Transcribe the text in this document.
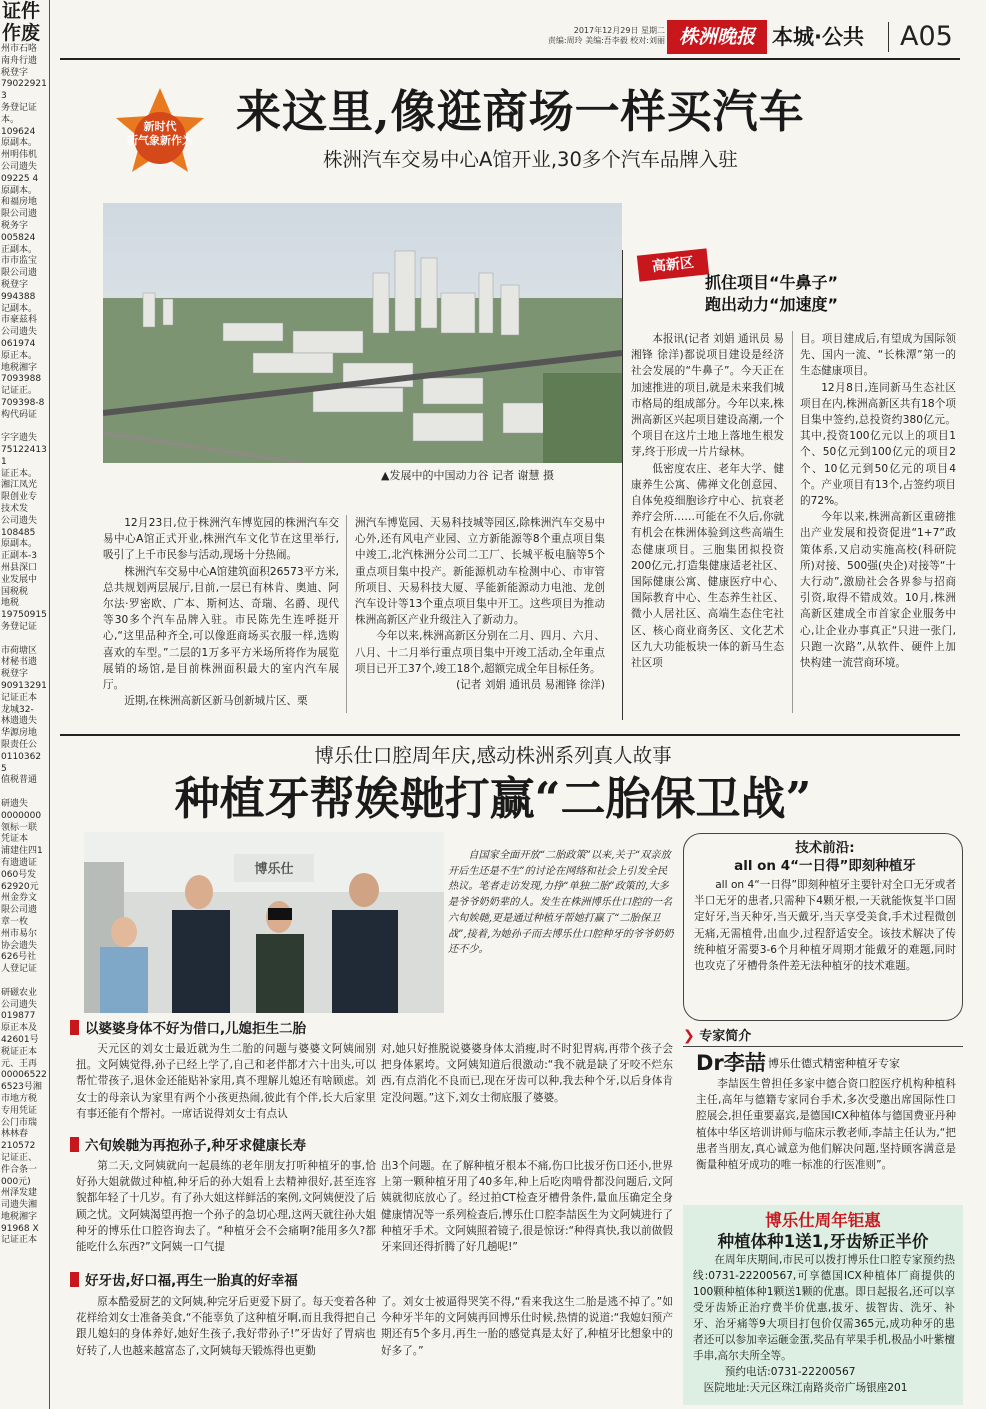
证件
作废
州市石咯
南舟行遗
税登字
790229213
务登记证
本。
109624
原副本。
州明伟机
公司遗失
09225 4
原副本。
和福房地
限公司遗
税务字
005824
正副本。
市市监宝
限公司遗
税登字
994388
记副本。
市豪兹科
公司遗失
061974
原正本。
地税湘字
7093988
记证正。
709398-8
构代码证

字字遗失
75122413 1
证正本。
湘江凤光
限创业专
技术发
公司遗失
108485
原副本。
正副本-3
州县深口
业发展中
国税税
地税
19750915
务登记证

市荷塘区
材秘书遗
税登字
90913291
记证正本
龙城32-
林遗遗失
华源房地
限责任公
0110362 5
值税普通

研遗失
0000000
领标一联
凭证本
浦建住四1
有遗遗证
060号发
62920元
州金券文
限公司遗
章一枚
州市易尔
协会遗失
626号社
人登记证

研磁农业
公司遗失
019877
原正本及
42601号
税证正本
元、王再
00006522
6523号湘
市地方税
专用凭证
公门市瑞
林林春
210572
记证正、
件合条一
000元)
州泽发建
司遗失湘
地税湘字
91968 X
记证正本
2017年12月29日 星期二
责编:周玲 美编:吾李毅 校对:刘丽 株洲晚报 本城·公共 A05
新时代
新气象新作为
来这里,像逛商场一样买汽车
株洲汽车交易中心A馆开业,30多个汽车品牌入驻
▲发展中的中国动力谷 记者 谢慧 摄

12月23日,位于株洲汽车博览园的株洲汽车交易中心A馆正式开业,株洲汽车文化节在这里举行,吸引了上千市民参与活动,现场十分热闹。

株洲汽车交易中心A馆建筑面积26573平方米,总共规划两层展厅,目前,一层已有林肯、奥迪、阿尔法·罗密欧、广本、斯柯达、奇瑞、名爵、现代等30多个汽车品牌入驻。市民陈先生连呼挺开心,“这里品种齐全,可以像逛商场买衣服一样,选购喜欢的车型。”二层的1万多平方米场所将作为展览展销的场馆,是目前株洲面积最大的室内汽车展厅。

近期,在株洲高新区新马创新城片区、栗

洲汽车博览园、天易科技城等园区,除株洲汽车交易中心外,还有风电产业园、立方新能源等8个重点项目集中竣工,北汽株洲分公司二工厂、长城平板电脑等5个重点项目集中投产。新能源机动车检测中心、市审管所项目、天易科技大厦、孚能新能源动力电池、龙创汽车设计等13个重点项目集中开工。这些项目为推动株洲高新区产业升级注入了新动力。

今年以来,株洲高新区分别在二月、四月、六月、八月、十二月举行重点项目集中开竣工活动,全年重点项目已开工37个,竣工18个,超额完成全年目标任务。

(记者 刘娟 通讯员 易湘锋 徐洋)
高新区
抓住项目“牛鼻子”
跑出动力“加速度”

本报讯(记者 刘娟 通讯员 易湘锋 徐洋)都说项目建设是经济社会发展的“牛鼻子”。今天正在加速推进的项目,就是未来我们城市格局的组成部分。今年以来,株洲高新区兴起项目建设高潮,一个个项目在这片土地上落地生根发芽,终于形成一片片绿林。

低密度农庄、老年大学、健康养生公寓、佛禅文化创意园、自体免疫细胞诊疗中心、抗衰老养疗会所……可能在不久后,你就有机会在株洲体验到这些高端生态健康项目。三胞集团拟投资200亿元,打造集健康适老社区、国际健康公寓、健康医疗中心、国际教育中心、生态养生社区、微小人居社区、高端生态住宅社区、核心商业商务区、文化艺术区九大功能板块一体的新马生态社区项

目。项目建成后,有望成为国际领先、国内一流、“长株潭”第一的生态健康项目。

12月8日,连同新马生态社区项目在内,株洲高新区共有18个项目集中签约,总投资约380亿元。其中,投资100亿元以上的项目1个、50亿元到100亿元的项目2个、10亿元到50亿元的项目4个。产业项目有13个,占签约项目的72%。

今年以来,株洲高新区重磅推出产业发展和投资促进“1+7”政策体系,又启动实施高校(科研院所)对接、500强(央企)对接等“十大行动”,激励社会各界参与招商引资,取得不错成效。10月,株洲高新区建成全市首家企业服务中心,让企业办事真正“只进一张门,只跑一次路”,从软件、硬件上加快构建一流营商环境。

博乐仕口腔周年庆,感动株洲系列真人故事
种植牙帮娭毑打赢“二胎保卫战”
博乐仕
自国家全面开放“二胎政策”以来,关于“双亲放开后生还是不生”的讨论在网络和社会上引发全民热议。笔者走访发现,力挣“单独二胎”政策的,大多是爷爷奶奶辈的人。发生在株洲博乐仕口腔的一名六旬娭毑,更是通过种植牙帮她打赢了“二胎保卫战”,接着,为她孙子而去博乐仕口腔种牙的爷爷奶奶还不少。
技术前沿:
all on 4“一日得”即刻种植牙

all on 4“一日得”即刻种植牙主要针对全口无牙或者半口无牙的患者,只需种下4颗牙根,一天就能恢复半口固定好牙,当天种牙,当天戴牙,当天享受美食,手术过程微创无痛,无需植骨,出血少,过程舒适安全。该技术解决了传统种植牙需要3-6个月种植牙周期才能戴牙的难题,同时也攻克了牙槽骨条件差无法种植牙的技术难题。

❯ 专家简介
Dr李喆 博乐仕德式精密种植牙专家

李喆医生曾担任多家中德合资口腔医疗机构种植科主任,高年与德籍专家同台手术,多次受邀出席国际性口腔展会,担任重要嘉宾,是德国ICX种植体与德国费亚丹种植体中华区培训讲师与临床示教老师,李喆主任认为,“把患者当朋友,真心诚意为他们解决问题,坚持顾客满意是衡量种植牙成功的唯一标准的行医准则”。

博乐仕周年钜惠
种植体种1送1,牙齿矫正半价

在周年庆期间,市民可以拨打博乐仕口腔专家预约热线:0731-22200567,可享德国ICX种植体厂商提供的100颗种植体种1颗送1颗的优惠。即日起报名,还可以享受牙齿矫正治疗费半价优惠,拔牙、拔智齿、洗牙、补牙、治牙痛等9大项目打包价仅需365元,成功种牙的患者还可以参加幸运砸金蛋,奖品有苹果手机,极品小叶紫檀手串,高尔夫所全等。

预约电话:0731-22200567
医院地址:天元区珠江南路炎帝广场银座201
以婆婆身体不好为借口,儿媳拒生二胎

天元区的刘女士最近就为生二胎的问题与婆婆文阿姨闹别扭。文阿姨觉得,孙子已经上学了,自己和老伴都才六十出头,可以帮忙带孩子,退休金还能贴补家用,真不理解儿媳还有啥顾虑。刘女士的母亲认为家里有两个小孩更热闹,彼此有个伴,长大后家里有事还能有个帮衬。一席话说得刘女士有点认

对,她只好推脱说婆婆身体太消瘦,时不时犯胃病,再带个孩子会把身体累垮。文阿姨知道后很激动:“我不就是缺了牙咬不烂东西,有点消化不良而已,现在牙齿可以种,我去种个牙,以后身体肯定没问题。”这下,刘女士彻底服了婆婆。

六旬娭毑为再抱孙子,种牙求健康长寿

第二天,文阿姨就向一起晨练的老年朋友打听种植牙的事,恰好孙大姐就做过种植,种牙后的孙大姐看上去精神很好,甚至连容貌都年轻了十几岁。有了孙大姐这样鲜活的案例,文阿姨便没了后顾之忧。文阿姨渴望再抱一个孙子的急切心理,这两天就往孙大姐种牙的博乐仕口腔咨询去了。“种植牙会不会痛啊?能用多久?都能吃什么东西?”文阿姨一口气提

出3个问题。在了解种植牙根本不痛,伤口比拔牙伤口还小,世界上第一颗种植牙用了40多年,种上后吃肉啃骨都没问题后,文阿姨就彻底放心了。经过拍CT检查牙槽骨条件,量血压确定全身健康情况等一系列检查后,博乐仕口腔李喆医生为文阿姨进行了种植牙手术。文阿姨照着镜子,很是惊讶:“种得真快,我以前做假牙来回还得折腾了好几趟呢!”

好牙齿,好口福,再生一胎真的好幸福

原本酷爱厨艺的文阿姨,种完牙后更爱下厨了。每天变着各种花样给刘女士准备美食,“不能辜负了这种植牙啊,而且我得把自己跟儿媳妇的身体养好,她好生孩子,我好带孙子!”牙齿好了胃病也好转了,人也越来越富态了,文阿姨每天锻炼得也更勤

了。刘女士被逼得哭笑不得,“看来我这生二胎是逃不掉了。”如今种牙半年的文阿姨再回博乐仕时候,热情的说道:“我媳妇预产期还有5个多月,再生一胎的感觉真是太好了,种植牙比想象中的好多了。”
